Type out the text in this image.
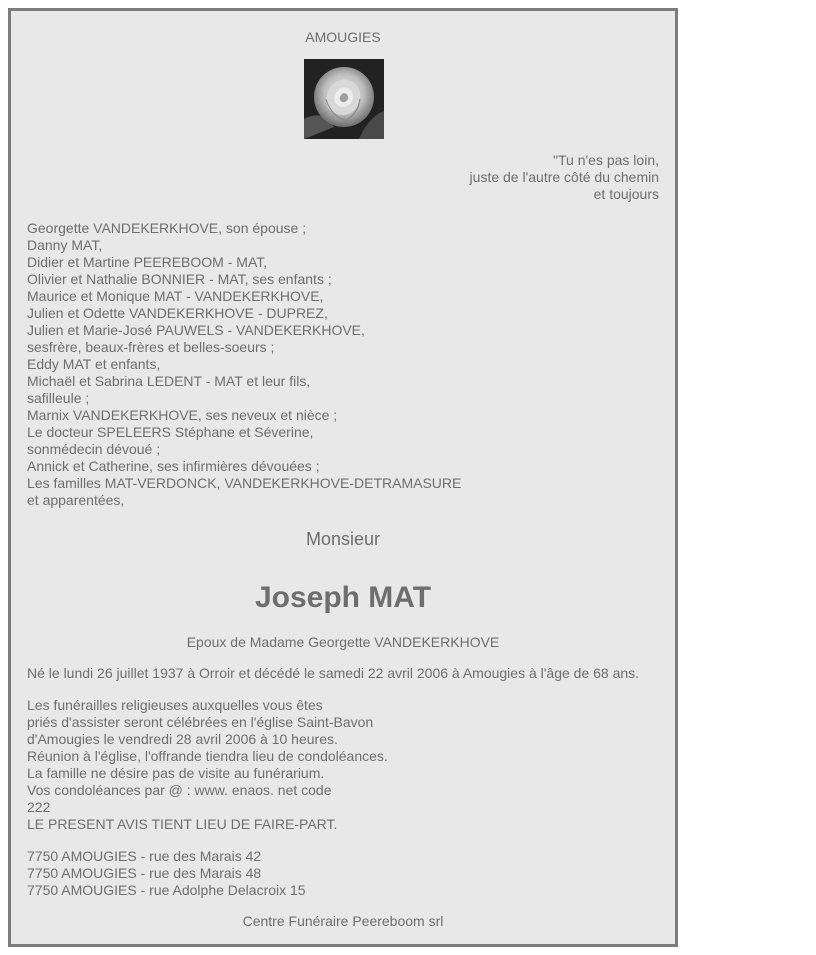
AMOUGIES
"Tu n'es pas loin,
juste de l'autre côté du chemin
et toujours
Georgette VANDEKERKHOVE, son épouse ;
Danny MAT,
Didier et Martine PEEREBOOM - MAT,
Olivier et Nathalie BONNIER - MAT, ses enfants ;
Maurice et Monique MAT - VANDEKERKHOVE,
Julien et Odette VANDEKERKHOVE - DUPREZ,
Julien et Marie-José PAUWELS - VANDEKERKHOVE,
sesfrère, beaux-frères et belles-soeurs ;
Eddy MAT et enfants,
Michaël et Sabrina LEDENT - MAT et leur fils,
safilleule ;
Marnix VANDEKERKHOVE, ses neveux et nièce ;
Le docteur SPELEERS Stéphane et Séverine,
sonmédecin dévoué ;
Annick et Catherine, ses infirmières dévouées ;
Les familles MAT-VERDONCK, VANDEKERKHOVE-DETRAMASURE
et apparentées,
Monsieur
Joseph MAT
Epoux de Madame Georgette VANDEKERKHOVE
Né le lundi 26 juillet 1937 à Orroir et décédé le samedi 22 avril 2006 à Amougies à l'âge de 68 ans.
Les funérailles religieuses auxquelles vous êtes
priés d'assister seront célébrées en l'église Saint-Bavon
d'Amougies le vendredi 28 avril 2006 à 10 heures.
Réunion à l'église, l'offrande tiendra lieu de condoléances.
La famille ne désire pas de visite au funérarium.
Vos condoléances par @ : www. enaos. net code
222
LE PRESENT AVIS TIENT LIEU DE FAIRE-PART.
7750 AMOUGIES - rue des Marais 42
7750 AMOUGIES - rue des Marais 48
7750 AMOUGIES - rue Adolphe Delacroix 15
Centre Funéraire Peereboom srl
